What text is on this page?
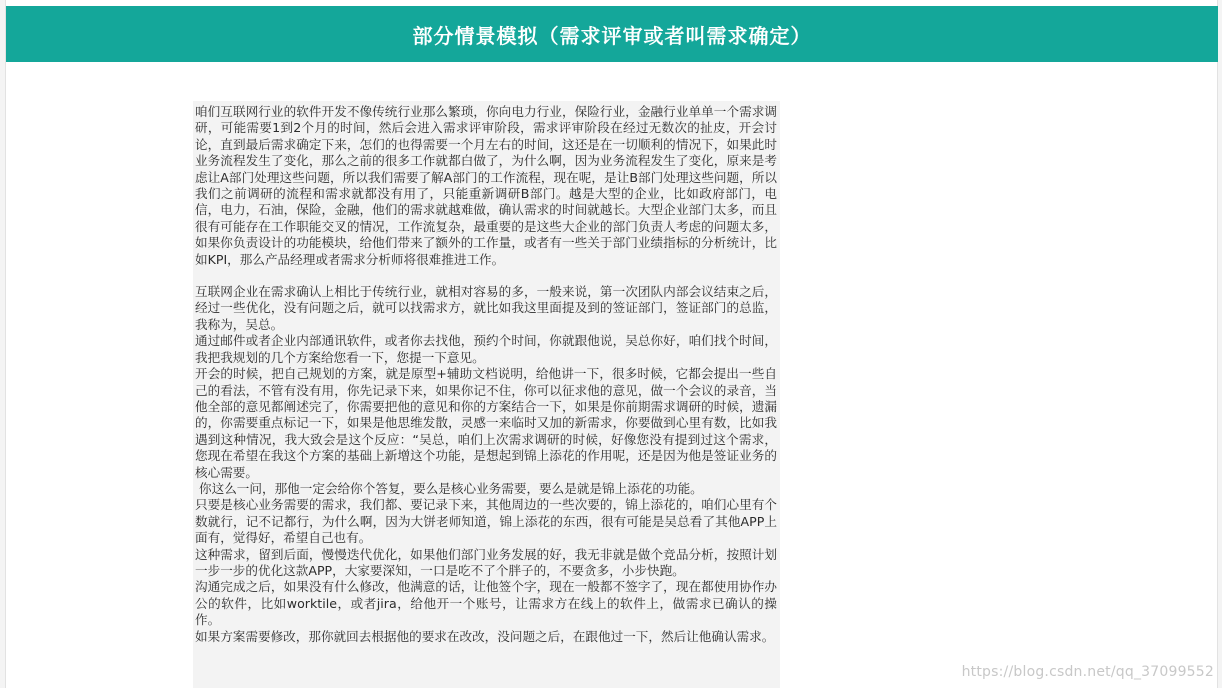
部分情景模拟（需求评审或者叫需求确定）

咱们互联网行业的软件开发不像传统行业那么繁琐，你向电力行业，保险行业，金融行业单单一个需求调研，可能需要1到2个月的时间，然后会进入需求评审阶段，需求评审阶段在经过无数次的扯皮，开会讨论，直到最后需求确定下来，怎们的也得需要一个月左右的时间，这还是在一切顺利的情况下，如果此时业务流程发生了变化，那么之前的很多工作就都白做了，为什么啊，因为业务流程发生了变化，原来是考虑让A部门处理这些问题，所以我们需要了解A部门的工作流程，现在呢，是让B部门处理这些问题，所以我们之前调研的流程和需求就都没有用了，只能重新调研B部门。越是大型的企业，比如政府部门，电信，电力，石油，保险，金融，他们的需求就越难做，确认需求的时间就越长。大型企业部门太多，而且很有可能存在工作职能交叉的情况，工作流复杂，最重要的是这些大企业的部门负责人考虑的问题太多，如果你负责设计的功能模块，给他们带来了额外的工作量，或者有一些关于部门业绩指标的分析统计，比如KPI，那么产品经理或者需求分析师将很难推进工作。

互联网企业在需求确认上相比于传统行业，就相对容易的多，一般来说，第一次团队内部会议结束之后，经过一些优化，没有问题之后，就可以找需求方，就比如我这里面提及到的签证部门，签证部门的总监，我称为，吴总。

通过邮件或者企业内部通讯软件，或者你去找他，预约个时间，你就跟他说，吴总你好，咱们找个时间，我把我规划的几个方案给您看一下，您提一下意见。

开会的时候，把自己规划的方案，就是原型+辅助文档说明，给他讲一下，很多时候，它都会提出一些自己的看法，不管有没有用，你先记录下来，如果你记不住，你可以征求他的意见，做一个会议的录音，当他全部的意见都阐述完了，你需要把他的意见和你的方案结合一下，如果是你前期需求调研的时候，遗漏的，你需要重点标记一下，如果是他思维发散，灵感一来临时又加的新需求，你要做到心里有数，比如我遇到这种情况，我大致会是这个反应：“吴总，咱们上次需求调研的时候，好像您没有提到过这个需求，您现在希望在我这个方案的基础上新增这个功能，是想起到锦上添花的作用呢，还是因为他是签证业务的核心需要。

你这么一问，那他一定会给你个答复，要么是核心业务需要，要么是就是锦上添花的功能。

只要是核心业务需要的需求，我们都、要记录下来，其他周边的一些次要的，锦上添花的，咱们心里有个数就行，记不记都行，为什么啊，因为大饼老师知道，锦上添花的东西，很有可能是吴总看了其他APP上面有，觉得好，希望自己也有。

这种需求，留到后面，慢慢迭代优化，如果他们部门业务发展的好，我无非就是做个竞品分析，按照计划一步一步的优化这款APP，大家要深知，一口是吃不了个胖子的，不要贪多，小步快跑。

沟通完成之后，如果没有什么修改，他满意的话，让他签个字，现在一般都不签字了，现在都使用协作办公的软件，比如worktile，或者jira，给他开一个账号，让需求方在线上的软件上，做需求已确认的操作。

如果方案需要修改，那你就回去根据他的要求在改改，没问题之后，在跟他过一下，然后让他确认需求。

https://blog.csdn.net/qq_37099552
